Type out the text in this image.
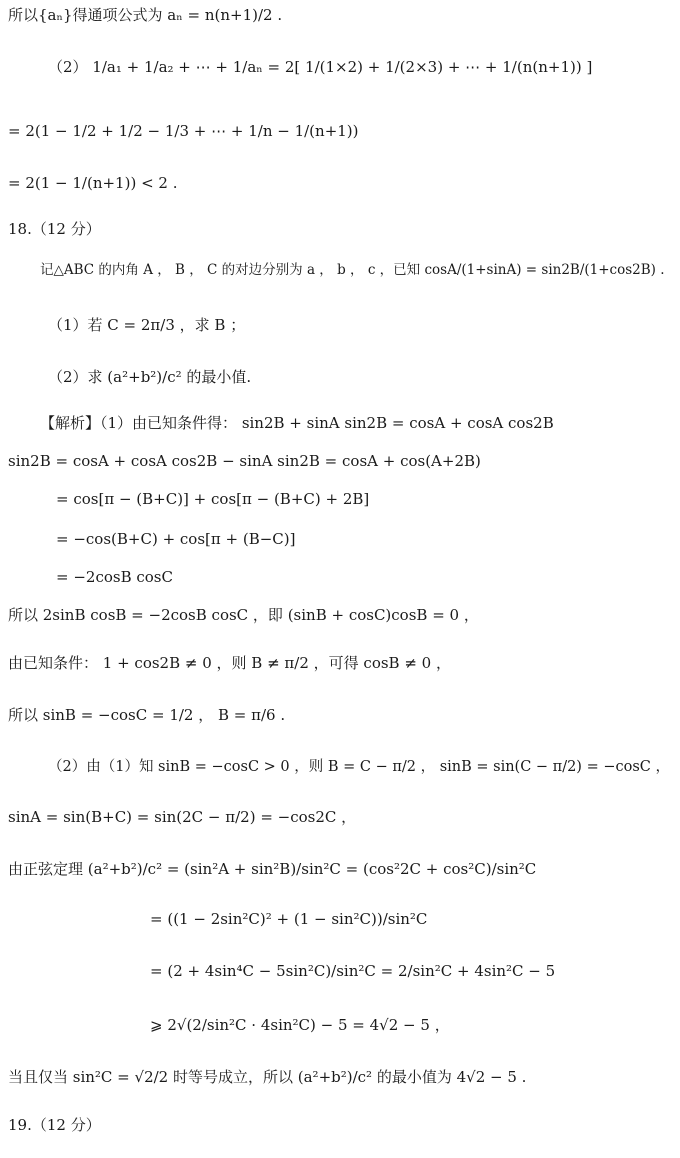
所以{aₙ}得通项公式为 aₙ = n(n+1)/2 .
（2） 1/a₁ + 1/a₂ + ⋯ + 1/aₙ = 2[ 1/(1×2) + 1/(2×3) + ⋯ + 1/(n(n+1)) ]
= 2(1 − 1/2 + 1/2 − 1/3 + ⋯ + 1/n − 1/(n+1))
= 2(1 − 1/(n+1)) < 2 .
18.（12 分）
记△ABC 的内角 A ， B ， C 的对边分别为 a ， b ， c ，已知 cosA/(1+sinA) = sin2B/(1+cos2B) .
（1）若 C = 2π/3 ，求 B ；
（2）求 (a²+b²)/c² 的最小值.
【解析】（1）由已知条件得： sin2B + sinA sin2B = cosA + cosA cos2B
sin2B = cosA + cosA cos2B − sinA sin2B = cosA + cos(A+2B)
= cos[π − (B+C)] + cos[π − (B+C) + 2B]
= −cos(B+C) + cos[π + (B−C)]
= −2cosB cosC
所以 2sinB cosB = −2cosB cosC ，即 (sinB + cosC)cosB = 0 ，
由已知条件： 1 + cos2B ≠ 0 ，则 B ≠ π/2 ，可得 cosB ≠ 0 ，
所以 sinB = −cosC = 1/2 ， B = π/6 .
（2）由（1）知 sinB = −cosC > 0 ，则 B = C − π/2 ， sinB = sin(C − π/2) = −cosC ，
sinA = sin(B+C) = sin(2C − π/2) = −cos2C ，
由正弦定理 (a²+b²)/c² = (sin²A + sin²B)/sin²C = (cos²2C + cos²C)/sin²C
= ((1 − 2sin²C)² + (1 − sin²C))/sin²C
= (2 + 4sin⁴C − 5sin²C)/sin²C = 2/sin²C + 4sin²C − 5
⩾ 2√(2/sin²C · 4sin²C) − 5 = 4√2 − 5 ，
当且仅当 sin²C = √2/2 时等号成立，所以 (a²+b²)/c² 的最小值为 4√2 − 5 .
19.（12 分）
